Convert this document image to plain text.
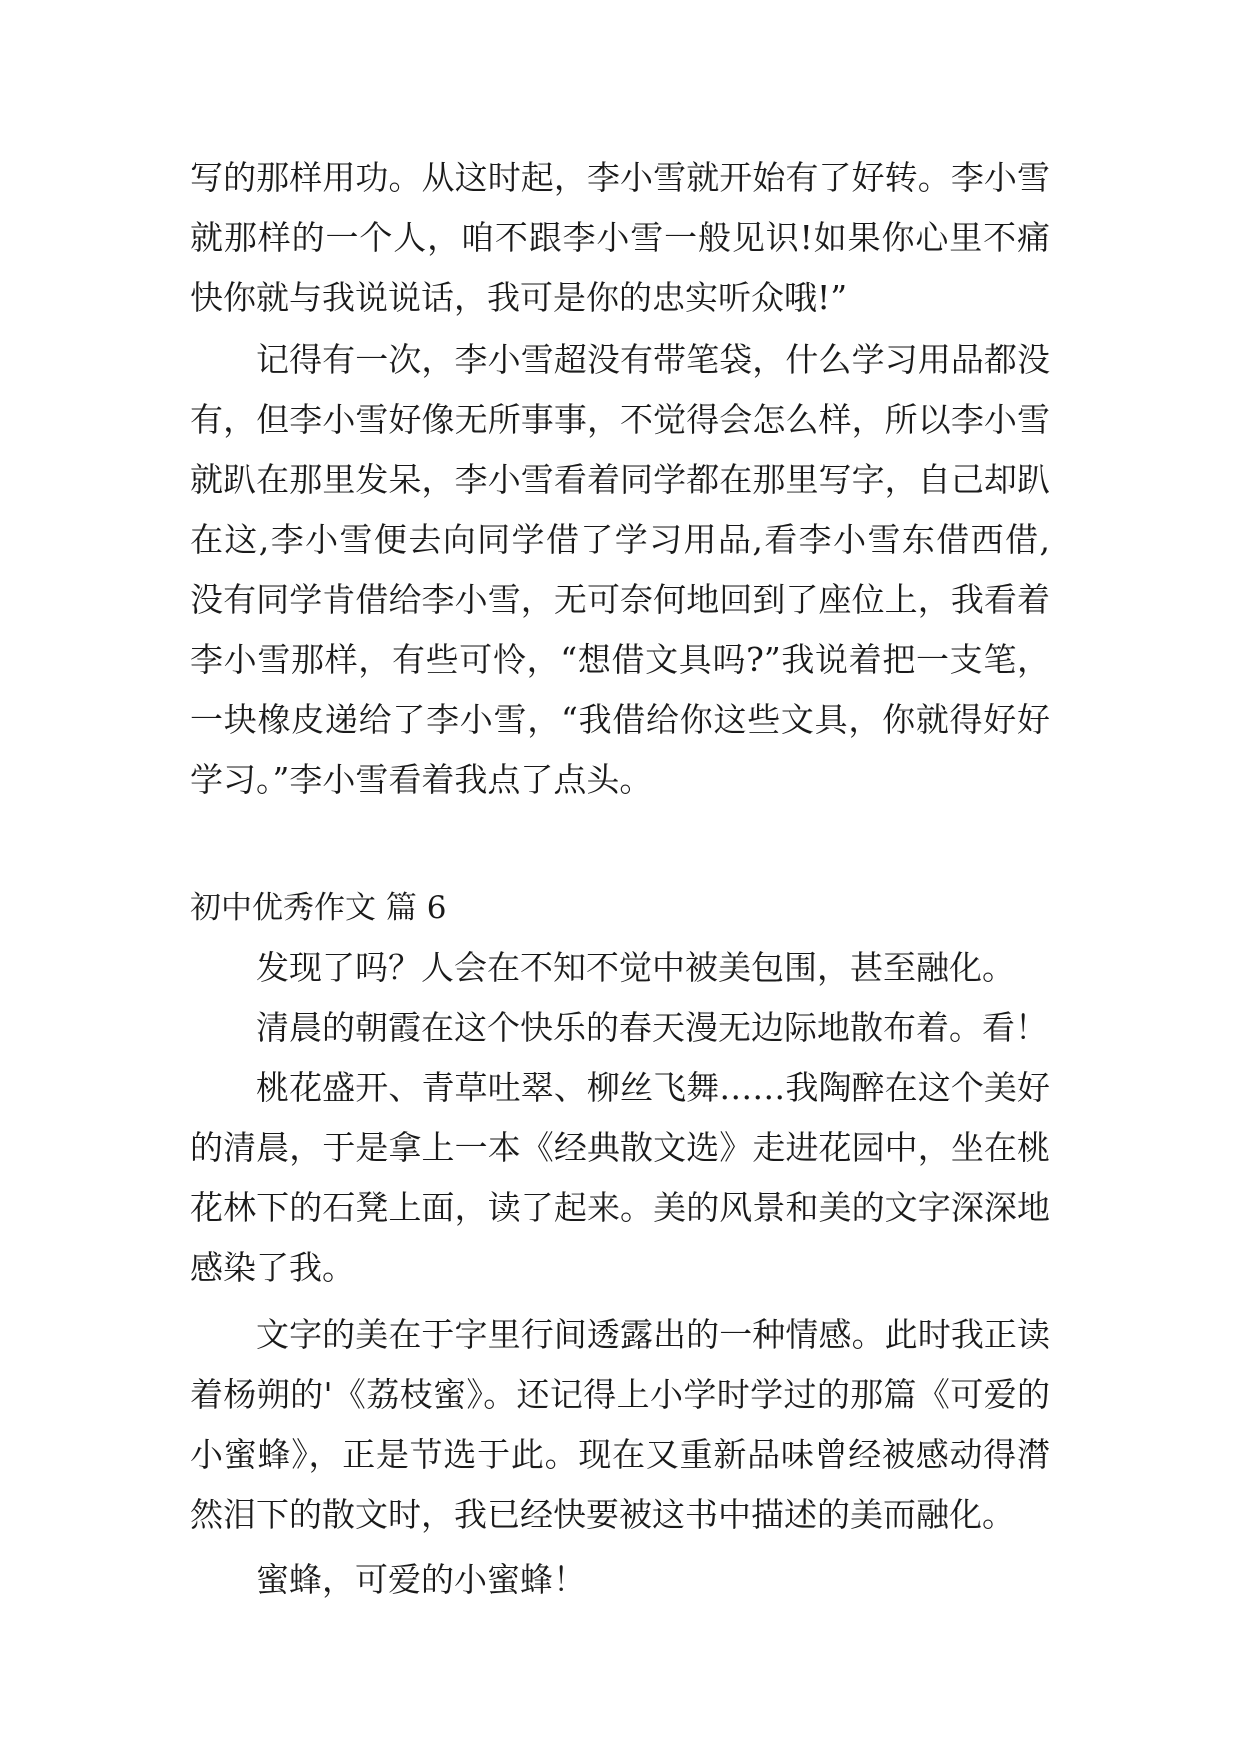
写的那样用功。从这时起，李小雪就开始有了好转。李小雪
就那样的一个人，咱不跟李小雪一般见识!如果你心里不痛
快你就与我说说话，我可是你的忠实听众哦!”
记得有一次，李小雪超没有带笔袋，什么学习用品都没
有，但李小雪好像无所事事，不觉得会怎么样，所以李小雪
就趴在那里发呆，李小雪看着同学都在那里写字，自己却趴
在这,李小雪便去向同学借了学习用品,看李小雪东借西借,
没有同学肯借给李小雪，无可奈何地回到了座位上，我看着
李小雪那样，有些可怜，“想借文具吗?”我说着把一支笔，
一块橡皮递给了李小雪，“我借给你这些文具，你就得好好
学习。”李小雪看着我点了点头。
初中优秀作文 篇 6
发现了吗？人会在不知不觉中被美包围，甚至融化。
清晨的朝霞在这个快乐的春天漫无边际地散布着。看！
桃花盛开、青草吐翠、柳丝飞舞……我陶醉在这个美好
的清晨，于是拿上一本《经典散文选》走进花园中，坐在桃
花林下的石凳上面，读了起来。美的风景和美的文字深深地
感染了我。
文字的美在于字里行间透露出的一种情感。此时我正读
着杨朔的'《荔枝蜜》。还记得上小学时学过的那篇《可爱的
小蜜蜂》，正是节选于此。现在又重新品味曾经被感动得潸
然泪下的散文时，我已经快要被这书中描述的美而融化。
蜜蜂，可爱的小蜜蜂！
